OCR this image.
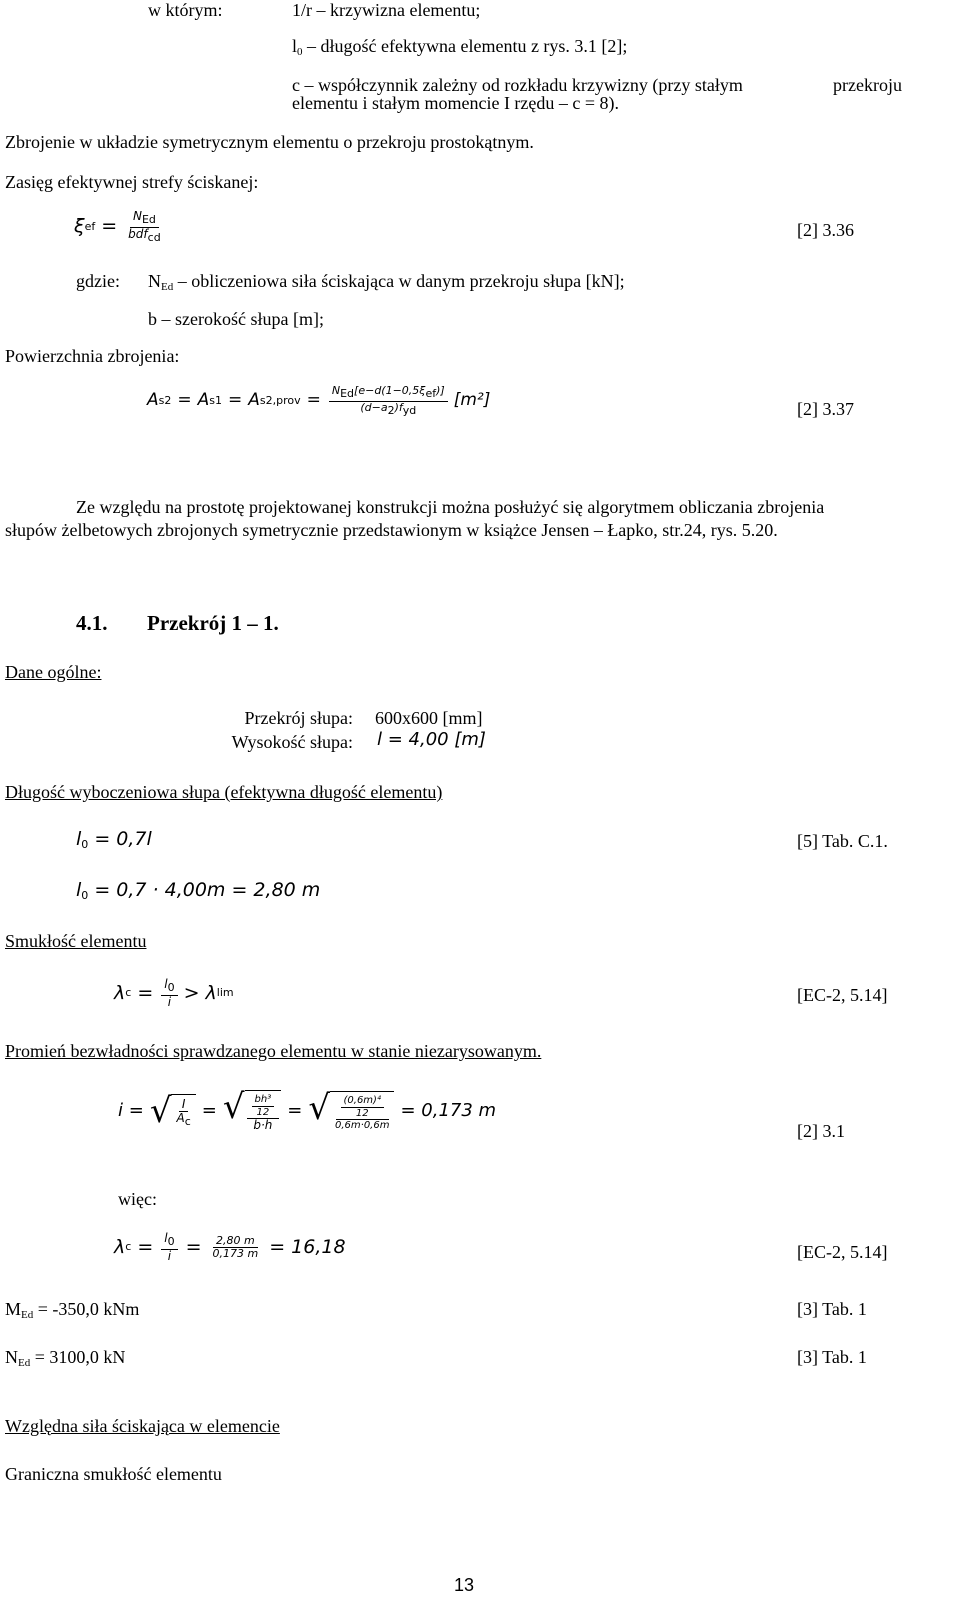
w którym:	1/r – krzywizna elementu;
$l_0$ – długość efektywna elementu z rys. 3.1 [2];
c – współczynnik zależny od rozkładu krzywizny (przy stałym	przekroju
elementu i stałym momencie I rzędu – c = 8).
Zbrojenie w układzie symetrycznym elementu o przekroju prostokątnym.
Zasięg efektywnej strefy ściskanej:
ξ ef = $\frac{N_{Ed}}{bdf_{cd}}$	[2] 3.36
gdzie: $N_{Ed}$ – obliczeniowa siła ściskająca w danym przekroju słupa [kN];
b – szerokość słupa [m];
Powierzchnia zbrojenia:
A s2 = A s1 = A s2,prov = $\frac{N_{Ed}[e-d(1-0,5\xi_{ef})]}{(d-a_2)f_{yd}} [m^2]$	[2] 3.37
Ze względu na prostotę projektowanej konstrukcji można posłużyć się algorytmem obliczania zbrojenia
słupów żelbetowych zbrojonych symetrycznie przedstawionym w książce Jensen – Łapko, str.24, rys. 5.20.
4.1. Przekrój 1 – 1.
Dane ogólne:
Przekrój słupa: 600x600 [mm]
Wysokość słupa: l = 4,00 [m]
Długość wyboczeniowa słupa (efektywna długość elementu)
$l_0 = 0,7l$	[5] Tab. C.1.
$l_0 = 0,7 \cdot 4,00m = 2,80$ m
Smukłość elementu
λ $c = \frac{l_0}{i} > \lambda$ lim	[EC-2, 5.14]
Promień bezwładności sprawdzanego elementu w stanie niezarysowanym.
i = √ $\frac{I}{A_c}$ = √ $\frac{\frac{\text{bh³}}{12}}{b\cdot h}$ = √ $\frac{\frac{\text{(0,6m)⁴}}{12}}{0,6m\cdot 0,6m} = 0,173$ m
[2] 3.1
więc:
λ $c = \frac{l_0}{i} = \frac{2,80 m}{0,173 m} = 16,18$	[EC-2, 5.14]
$M_{Ed} = -350,0$ kNm	[3] Tab. 1
$N_{Ed} = 3100,0$ kN	[3] Tab. 1
Względna siła ściskająca w elemencie
Graniczna smukłość elementu
13
